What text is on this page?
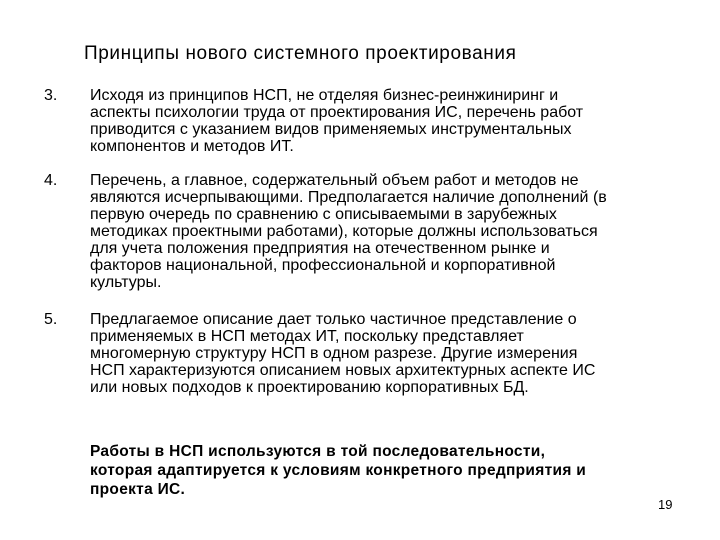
Принципы нового системного проектирования
3. Исходя из принципов НСП, не отделяя бизнес-реинжиниринг и
аспекты психологии труда от проектирования ИС, перечень работ
приводится с указанием видов применяемых инструментальных
компонентов и методов ИТ.
4. Перечень, а главное, содержательный объем работ и методов не
являются исчерпывающими. Предполагается наличие дополнений (в
первую очередь по сравнению с описываемыми в зарубежных
методиках проектными работами), которые должны использоваться
для учета положения предприятия на отечественном рынке и
факторов национальной, профессиональной и корпоративной
культуры.
5. Предлагаемое описание дает только частичное представление о
применяемых в НСП методах ИТ, поскольку представляет
многомерную структуру НСП в одном разрезе. Другие измерения
НСП характеризуются описанием новых архитектурных аспекте ИС
или новых подходов к проектированию корпоративных БД.
Работы в НСП используются в той последовательности,
которая адаптируется к условиям конкретного предприятия и
проекта ИС.
19
